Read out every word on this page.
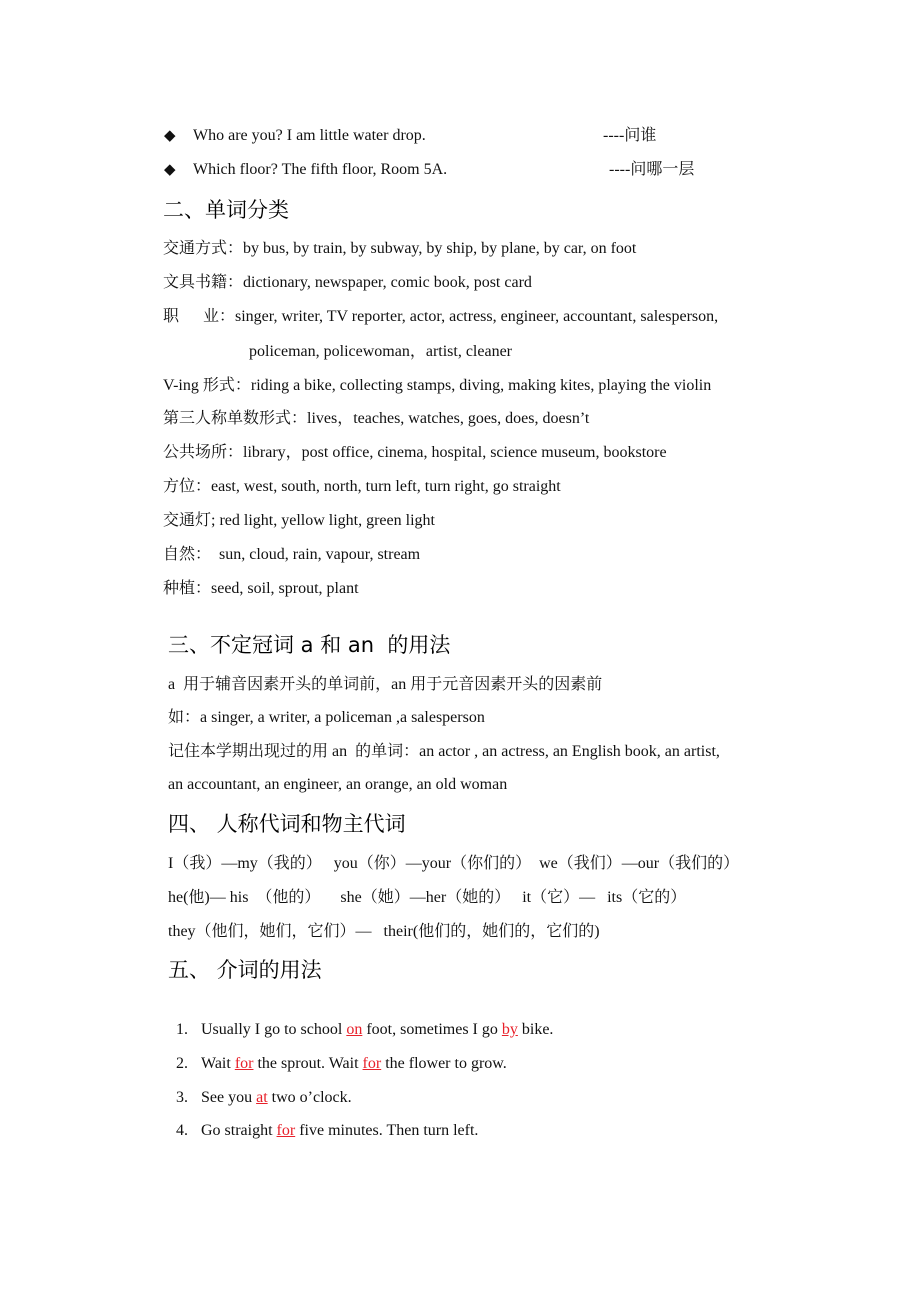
◆ Who are you? I am little water drop.	----问谁
◆ Which floor? The fifth floor, Room 5A.	----问哪一层
二、单词分类
交通方式：by bus, by train, by subway, by ship, by plane, by car, on foot
文具书籍：dictionary, newspaper, comic book, post card
职      业：singer, writer, TV reporter, actor, actress, engineer, accountant, salesperson,
policeman, policewoman，artist, cleaner
V-ing 形式：riding a bike, collecting stamps, diving, making kites, playing the violin
第三人称单数形式：lives，teaches, watches, goes, does, doesn’t
公共场所：library，post office, cinema, hospital, science museum, bookstore
方位：east, west, south, north, turn left, turn right, go straight
交通灯; red light, yellow light, green light
自然：  sun, cloud, rain, vapour, stream
种植：seed, soil, sprout, plant
三、不定冠词 a 和 an  的用法
a  用于辅音因素开头的单词前，an 用于元音因素开头的因素前
如：a singer, a writer, a policeman ,a salesperson
记住本学期出现过的用 an  的单词：an actor , an actress, an English book, an artist,
an accountant, an engineer, an orange, an old woman
四、 人称代词和物主代词
I（我）—my（我的）   you（你）—your（你们的）  we（我们）—our（我们的）
he(他)— his  （他的）     she（她）—her（她的）   it（它）—   its（它的）
they（他们，她们，它们）—   their(他们的，她们的，它们的)
五、 介词的用法

1. Usually I go to school on foot, sometimes I go by bike.

2. Wait for the sprout. Wait for the flower to grow.

3. See you at two o’clock.

4. Go straight for five minutes. Then turn left.
